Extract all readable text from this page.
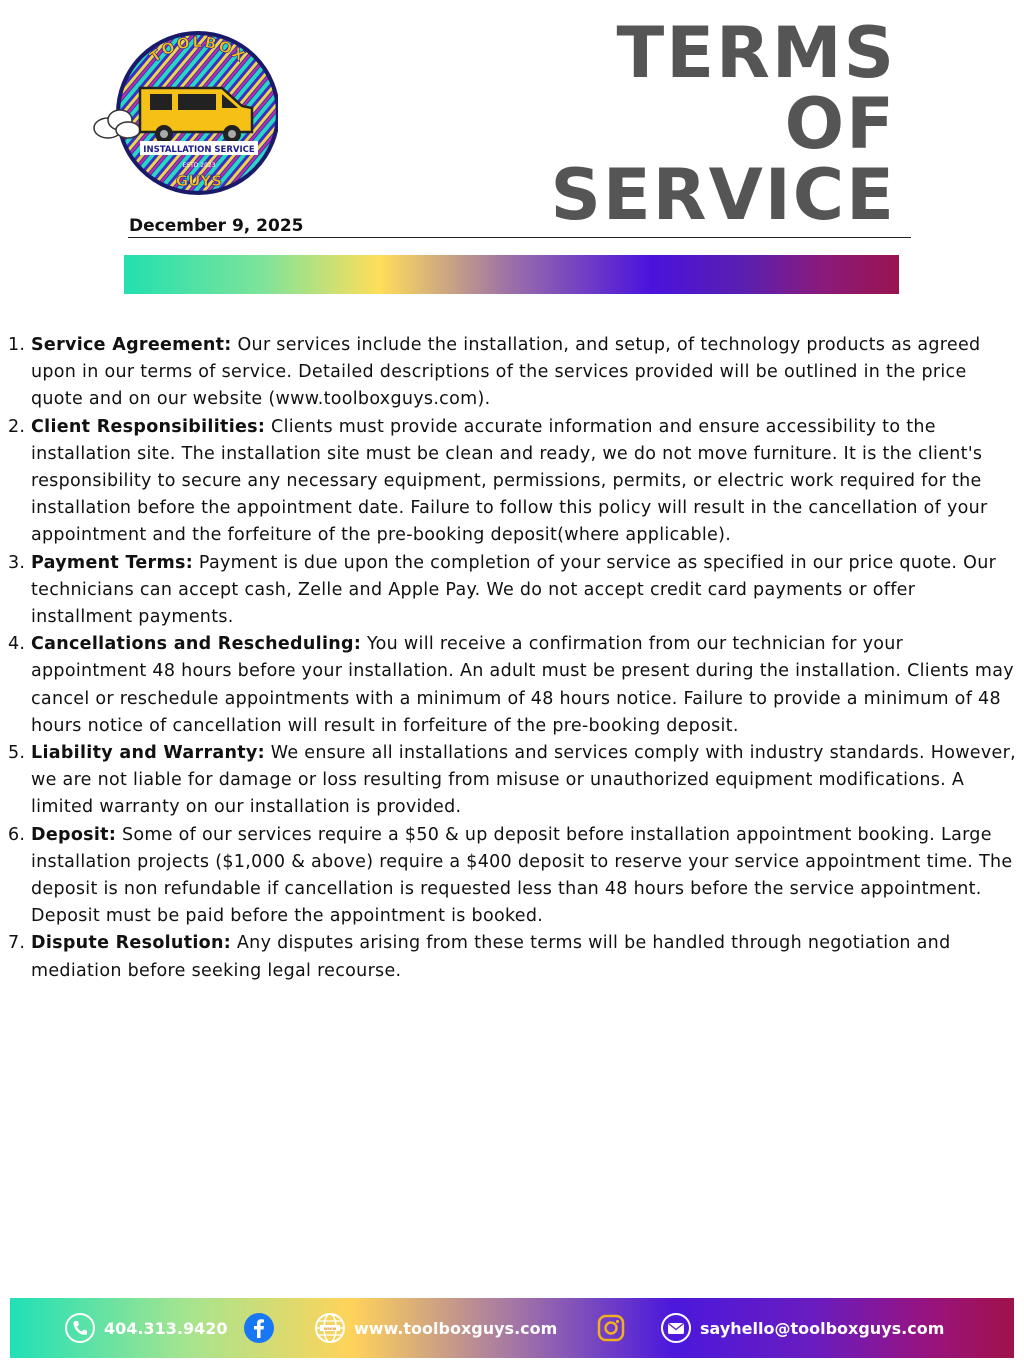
INSTALLATION SERVICE
ESTD 2023
GUYS
TOOLBOX	TERMS
OF
SERVICE
December 9, 2025
1. Service Agreement: Our services include the installation, and setup, of technology products as agreed upon in our terms of service. Detailed descriptions of the services provided will be outlined in the price quote and on our website (www.toolboxguys.com).
2. Client Responsibilities: Clients must provide accurate information and ensure accessibility to the installation site. The installation site must be clean and ready, we do not move furniture. It is the client's responsibility to secure any necessary equipment, permissions, permits, or electric work required for the installation before the appointment date. Failure to follow this policy will result in the cancellation of your appointment and the forfeiture of the pre-booking deposit(where applicable).
3. Payment Terms: Payment is due upon the completion of your service as specified in our price quote. Our technicians can accept cash, Zelle and Apple Pay. We do not accept credit card payments or offer installment payments.
4. Cancellations and Rescheduling: You will receive a confirmation from our technician for your appointment 48 hours before your installation. An adult must be present during the installation. Clients may cancel or reschedule appointments with a minimum of 48 hours notice. Failure to provide a minimum of 48 hours notice of cancellation will result in forfeiture of the pre-booking deposit.
5. Liability and Warranty: We ensure all installations and services comply with industry standards. However, we are not liable for damage or loss resulting from misuse or unauthorized equipment modifications. A limited warranty on our installation is provided.
6. Deposit: Some of our services require a $50 & up deposit before installation appointment booking. Large installation projects ($1,000 & above) require a $400 deposit to reserve your service appointment time. The deposit is non refundable if cancellation is requested less than 48 hours before the service appointment. Deposit must be paid before the appointment is booked.
7. Dispute Resolution: Any disputes arising from these terms will be handled through negotiation and mediation before seeking legal recourse.
404.313.9420	www www.toolboxguys.com	sayhello@toolboxguys.com
